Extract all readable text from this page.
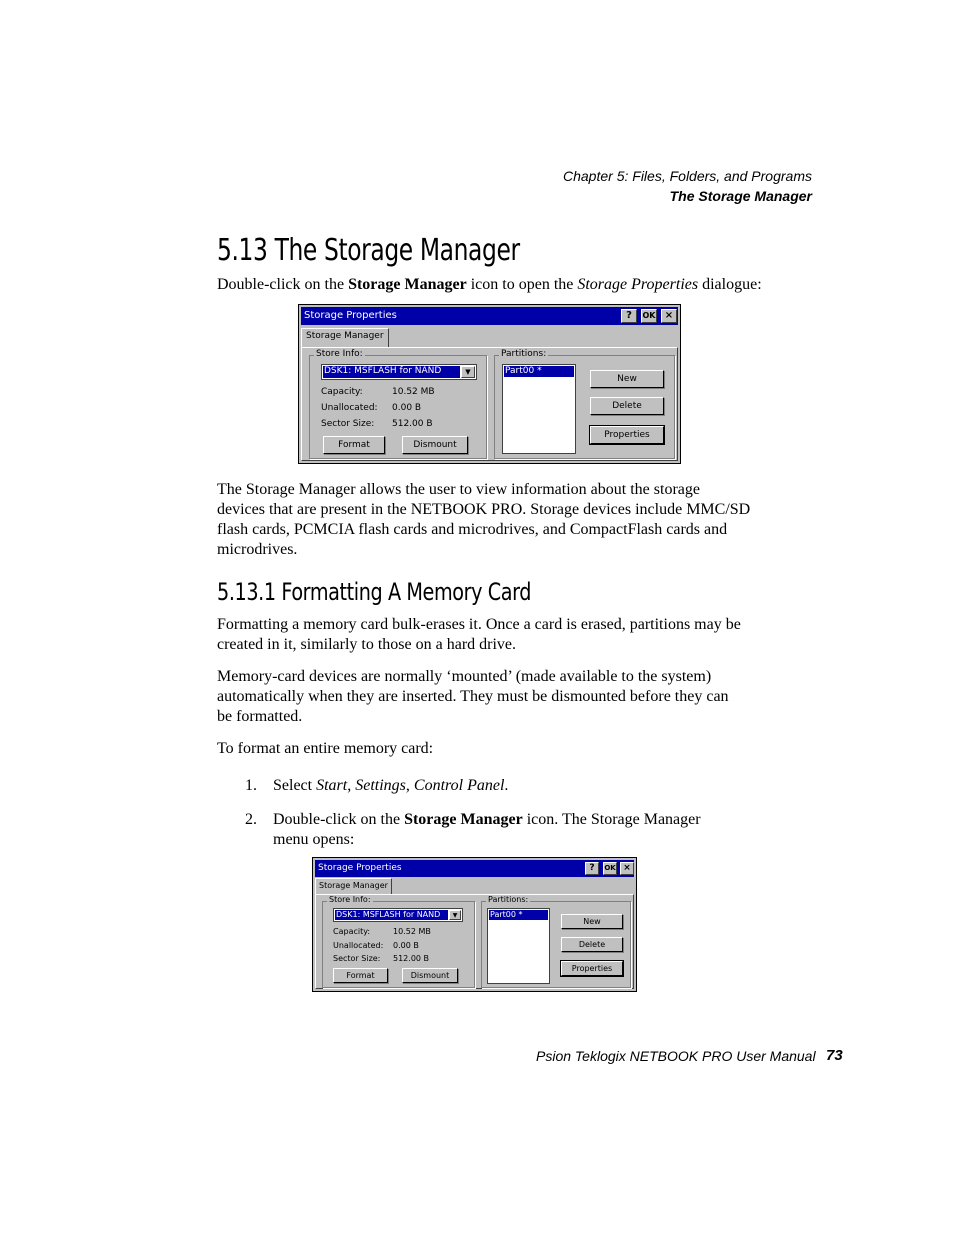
Chapter 5: Files, Folders, and Programs
The Storage Manager
5.13 The Storage Manager

Double-click on the Storage Manager icon to open the Storage Properties dialogue:

Storage Properties	?	OK ×
Storage Manager
Store Info:
DSK1: MSFLASH for NAND	▼
Capacity:	10.52 MB
Unallocated: 0.00 B
Sector Size: 512.00 B
Format	Dismount
Partitions:
Part00 *
New
Delete
Properties
The Storage Manager allows the user to view information about the storage
devices that are present in the NETBOOK PRO. Storage devices include MMC/SD
flash cards, PCMCIA flash cards and microdrives, and CompactFlash cards and
microdrives.
5.13.1 Formatting A Memory Card
Formatting a memory card bulk-erases it. Once a card is erased, partitions may be
created in it, similarly to those on a hard drive.
Memory-card devices are normally ‘mounted’ (made available to the system)
automatically when they are inserted. They must be dismounted before they can
be formatted.
To format an entire memory card:
1. Select Start, Settings, Control Panel.
2. Double-click on the Storage Manager icon. The Storage Manager
menu opens:
Storage Properties	?	OK ×
Storage Manager
Store Info:
DSK1: MSFLASH for NAND	▼
Capacity:	10.52 MB
Unallocated: 0.00 B
Sector Size: 512.00 B
Format	Dismount
Partitions:
Part00 *
New
Delete
Properties
Psion Teklogix NETBOOK PRO User Manual 73
